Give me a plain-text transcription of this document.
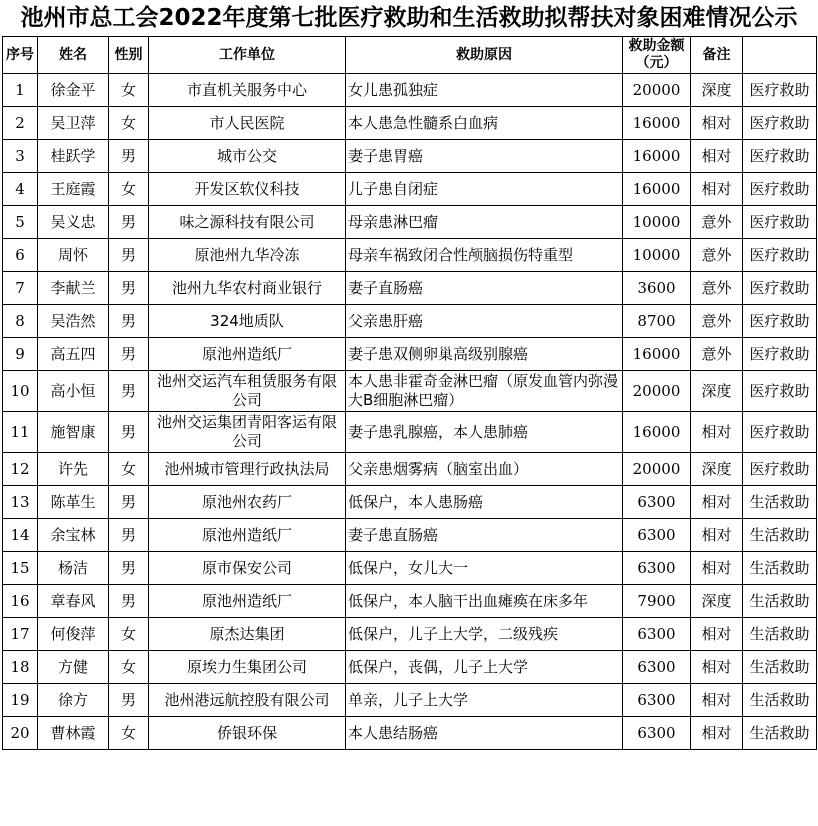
池州市总工会2022年度第七批医疗救助和生活救助拟帮扶对象困难情况公示
序号	姓名	性别	工作单位	救助原因	救助金额（元）	备注	
1	徐金平	女	市直机关服务中心	女儿患孤独症	20000	深度	医疗救助
2	吴卫萍	女	市人民医院	本人患急性髓系白血病	16000	相对	医疗救助
3	桂跃学	男	城市公交	妻子患胃癌	16000	相对	医疗救助
4	王庭霞	女	开发区软仪科技	儿子患自闭症	16000	相对	医疗救助
5	吴义忠	男	味之源科技有限公司	母亲患淋巴瘤	10000	意外	医疗救助
6	周怀	男	原池州九华冷冻	母亲车祸致闭合性颅脑损伤特重型	10000	意外	医疗救助
7	李献兰	男	池州九华农村商业银行	妻子直肠癌	3600	意外	医疗救助
8	吴浩然	男	324地质队	父亲患肝癌	8700	意外	医疗救助
9	高五四	男	原池州造纸厂	妻子患双侧卵巢高级别腺癌	16000	意外	医疗救助
10	高小恒	男	池州交运汽车租赁服务有限公司	本人患非霍奇金淋巴瘤（原发血管内弥漫大B细胞淋巴瘤）	20000	深度	医疗救助
11	施智康	男	池州交运集团青阳客运有限公司	妻子患乳腺癌，本人患肺癌	16000	相对	医疗救助
12	许先	女	池州城市管理行政执法局	父亲患烟雾病（脑室出血）	20000	深度	医疗救助
13	陈革生	男	原池州农药厂	低保户，本人患肠癌	6300	相对	生活救助
14	余宝林	男	原池州造纸厂	妻子患直肠癌	6300	相对	生活救助
15	杨洁	男	原市保安公司	低保户，女儿大一	6300	相对	生活救助
16	章春风	男	原池州造纸厂	低保户，本人脑干出血瘫痪在床多年	7900	深度	生活救助
17	何俊萍	女	原杰达集团	低保户，儿子上大学，二级残疾	6300	相对	生活救助
18	方健	女	原埃力生集团公司	低保户，丧偶，儿子上大学	6300	相对	生活救助
19	徐方	男	池州港远航控股有限公司	单亲，儿子上大学	6300	相对	生活救助
20	曹林霞	女	侨银环保	本人患结肠癌	6300	相对	生活救助
